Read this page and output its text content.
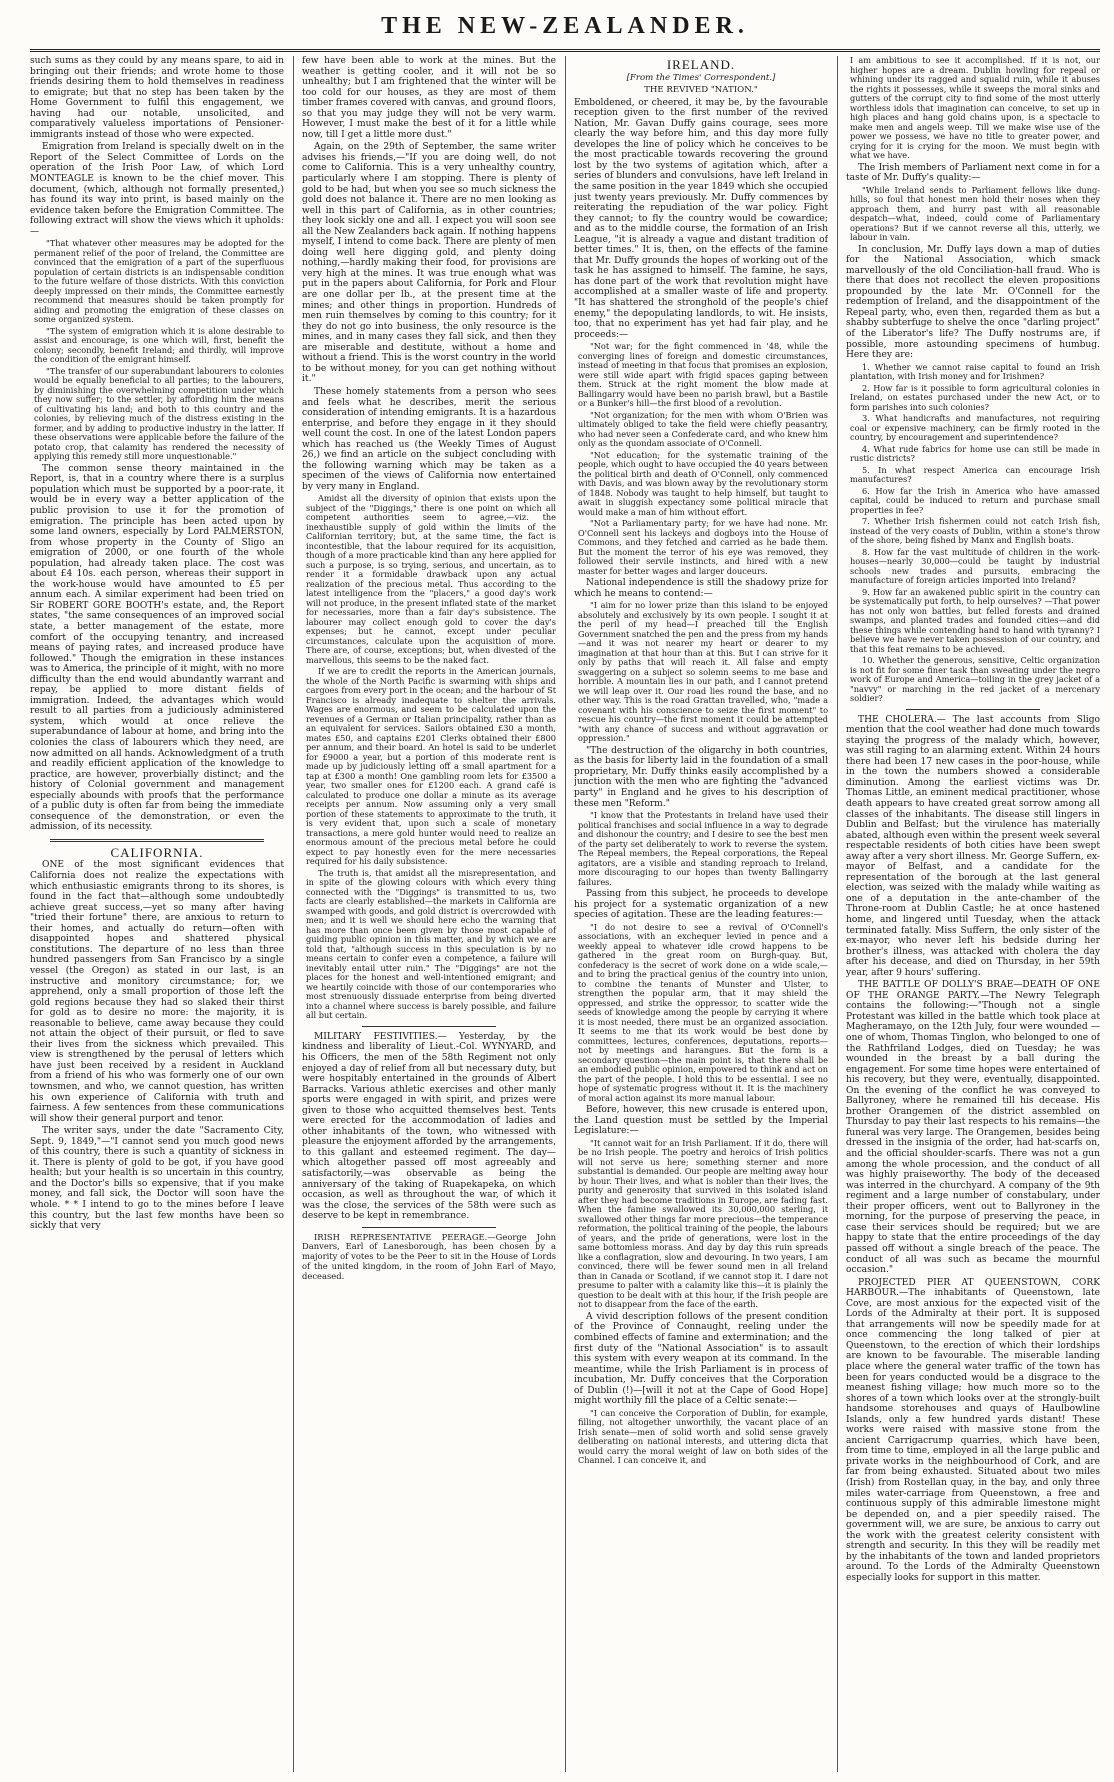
THE NEW-ZEALANDER.

such sums as they could by any means spare, to aid in bringing out their friends; and wrote home to those friends desiring them to hold themselves in readiness to emigrate; but that no step has been taken by the Home Government to fulfil this engagement, we having had our notable, unsolicited, and comparatively valueless importations of Pensioner-immigrants instead of those who were expected.

Emigration from Ireland is specially dwelt on in the Report of the Select Committee of Lords on the operation of the Irish Poor Law, of which Lord MONTEAGLE is known to be the chief mover. This document, (which, although not formally presented,) has found its way into print, is based mainly on the evidence taken before the Emigration Committee. The following extract will show the views which it upholds:—

"That whatever other measures may be adopted for the permanent relief of the poor of Ireland, the Committee are convinced that the emigration of a part of the superfluous population of certain districts is an indispensable condition to the future welfare of those districts. With this conviction deeply impressed on their minds, the Committee earnestly recommend that measures should be taken promptly for aiding and promoting the emigration of these classes on some organized system.

"The system of emigration which it is alone desirable to assist and encourage, is one which will, first, benefit the colony; secondly, benefit Ireland; and thirdly, will improve the condition of the emigrant himself.

"The transfer of our superabundant labourers to colonies would be equally beneficial to all parties; to the labourers, by diminishing the overwhelming competition under which they now suffer; to the settler, by affording him the means of cultivating his land; and both to this country and the colonies, by relieving much of the distress existing in the former, and by adding to productive industry in the latter. If these observations were applicable before the failure of the potato crop, that calamity has rendered the necessity of applying this remedy still more unquestionable."

The common sense theory maintained in the Report, is, that in a country where there is a surplus population which must be supported by a poor-rate, it would be in every way a better application of the public provision to use it for the promotion of emigration. The principle has been acted upon by some land owners, especially by Lord PALMERSTON, from whose property in the County of Sligo an emigration of 2000, or one fourth of the whole population, had already taken place. The cost was about £4 10s. each person, whereas their support in the work-house would have amounted to £5 per annum each. A similar experiment had been tried on Sir ROBERT GORE BOOTH's estate, and, the Report states, "the same consequences of an improved social state, a better management of the estate, more comfort of the occupying tenantry, and increased means of paying rates, and increased produce have followed." Though the emigration in these instances was to America, the principle of it might, with no more difficulty than the end would abundantly warrant and repay, be applied to more distant fields of immigration. Indeed, the advantages which would result to all parties from a judiciously administered system, which would at once relieve the superabundance of labour at home, and bring into the colonies the class of labourers which they need, are now admitted on all hands. Acknowledgment of a truth and readily efficient application of the knowledge to practice, are however, proverbially distinct; and the history of Colonial government and management especially abounds with proofs that the performance of a public duty is often far from being the immediate consequence of the demonstration, or even the admission, of its necessity.

CALIFORNIA.

ONE of the most significant evidences that California does not realize the expectations with which enthusiastic emigrants throng to its shores, is found in the fact that—although some undoubtedly achieve great success,—yet so many after having "tried their fortune" there, are anxious to return to their homes, and actually do return—often with disappointed hopes and shattered physical constitutions. The departure of no less than three hundred passengers from San Francisco by a single vessel (the Oregon) as stated in our last, is an instructive and monitory circumstance; for, we apprehend, only a small proportion of those left the gold regions because they had so slaked their thirst for gold as to desire no more: the majority, it is reasonable to believe, came away because they could not attain the object of their pursuit, or fled to save their lives from the sickness which prevailed. This view is strengthened by the perusal of letters which have just been received by a resident in Auckland from a friend of his who was formerly one of our own townsmen, and who, we cannot question, has written his own experience of California with truth and fairness. A few sentences from these communications will show their general purport and tenor.

The writer says, under the date "Sacramento City, Sept. 9, 1849,"—"I cannot send you much good news of this country, there is such a quantity of sickness in it. There is plenty of gold to be got, if you have good health; but your health is so uncertain in this country, and the Doctor's bills so expensive, that if you make money, and fall sick, the Doctor will soon have the whole. * * I intend to go to the mines before I leave this country, but the last few months have been so sickly that very

few have been able to work at the mines. But the weather is getting cooler, and it will not be so unhealthy; but I am frightened that the winter will be too cold for our houses, as they are most of them timber frames covered with canvas, and ground floors, so that you may judge they will not be very warm. However, I must make the best of it for a little while now, till I get a little more dust."

Again, on the 29th of September, the same writer advises his friends,—"If you are doing well, do not come to California. This is a very unhealthy country, particularly where I am stopping. There is plenty of gold to be had, but when you see so much sickness the gold does not balance it. There are no men looking as well in this part of California, as in other countries; they look sickly one and all. I expect you will soon see all the New Zealanders back again. If nothing happens myself, I intend to come back. There are plenty of men doing well here digging gold, and plenty doing nothing,—hardly making their food, for provisions are very high at the mines. It was true enough what was put in the papers about California, for Pork and Flour are one dollar per lb., at the present time at the mines; and other things in proportion. Hundreds of men ruin themselves by coming to this country; for it they do not go into business, the only resource is the mines, and in many cases they fall sick, and then they are miserable and destitute, without a home and without a friend. This is the worst country in the world to be without money, for you can get nothing without it."

These homely statements from a person who sees and feels what he describes, merit the serious consideration of intending emigrants. It is a hazardous enterprise, and before they engage in it they should well count the cost. In one of the latest London papers which has reached us (the Weekly Times of August 26,) we find an article on the subject concluding with the following warning which may be taken as a specimen of the views of California now entertained by very many in England.

Amidst all the diversity of opinion that exists upon the subject of the "Diggings," there is one point on which all competent authorities seem to agree,—viz. the inexhaustible supply of gold within the limits of the Californian territory; but, at the same time, the fact is incontestible, that the labour required for its acquisition, though of a more practicable kind than any here applied for such a purpose, is so trying, serious, and uncertain, as to render it a formidable drawback upon any actual realization of the precious metal. Thus according to the latest intelligence from the "placers," a good day's work will not produce, in the present inflated state of the market for necessaries, more than a fair day's subsistence. The labourer may collect enough gold to cover the day's expenses; but he cannot, except under peculiar circumstances, calculate upon the acquisition of more. There are, of course, exceptions; but, when divested of the marvellous, this seems to be the naked fact.

If we are to credit the reports in the American journals, the whole of the North Pacific is swarming with ships and cargoes from every port in the ocean; and the harbour of St Francisco is already inadequate to shelter the arrivals. Wages are enormous, and seem to be calculated upon the revenues of a German or Italian principality, rather than as an equivalent for services. Sailors obtained £30 a month, mates £50, and captains £201 Clerks obtained their £800 per annum, and their board. An hotel is said to be underlet for £9000 a year, but a portion of this moderate rent is made up by judiciously letting off a small apartment for a tap at £300 a month! One gambling room lets for £3500 a year, two smaller ones for £1200 each. A grand café is calculated to produce one dollar a minute as its average receipts per annum. Now assuming only a very small portion of these statements to approximate to the truth, it is very evident that, upon such a scale of monetary transactions, a mere gold hunter would need to realize an enormous amount of the precious metal before he could expect to pay honestly even for the mere necessaries required for his daily subsistence.

The truth is, that amidst all the misrepresentation, and in spite of the glowing colours with which every thing connected with the "Diggings" is transmitted to us, two facts are clearly established—the markets in California are swamped with goods, and gold district is overcrowded with men; and it is well we should here echo the warning that has more than once been given by those most capable of guiding public opinion in this matter, and by which we are told that, "although success in this speculation is by no means certain to confer even a competence, a failure will inevitably entail utter ruin." The "Diggings" are not the places for the honest and well-intentioned emigrant; and we heartily coincide with those of our contemporaries who most strenuously dissuade enterprise from being diverted into a channel where success is barely possible, and failure all but certain.

MILITARY FESTIVITIES.— Yesterday, by the kindness and liberality of Lieut.-Col. WYNYARD, and his Officers, the men of the 58th Regiment not only enjoyed a day of relief from all but necessary duty, but were hospitably entertained in the grounds of Albert Barracks. Various athletic exercises and other manly sports were engaged in with spirit, and prizes were given to those who acquitted themselves best. Tents were erected for the accommodation of ladies and other inhabitants of the town, who witnessed with pleasure the enjoyment afforded by the arrangements, to this gallant and esteemed regiment. The day—which altogether passed off most agreeably and satisfactorily,—was observable as being the anniversary of the taking of Ruapekapeka, on which occasion, as well as throughout the war, of which it was the close, the services of the 58th were such as deserve to be kept in remembrance.

IRISH REPRESENTATIVE PEERAGE.—George John Danvers, Earl of Lanesborough, has been chosen by a majority of votes to be the Peer to sit in the House of Lords of the united kingdom, in the room of John Earl of Mayo, deceased.

IRELAND.
[From the Times' Correspondent.]
THE REVIVED "NATION."

Emboldened, or cheered, it may be, by the favourable reception given to the first number of the revived Nation, Mr. Gavan Duffy gains courage, sees more clearly the way before him, and this day more fully developes the line of policy which he conceives to be the most practicable towards recovering the ground lost by the two systems of agitation which, after a series of blunders and convulsions, have left Ireland in the same position in the year 1849 which she occupied just twenty years previously. Mr. Duffy commences by reiterating the repudiation of the war policy. Fight they cannot; to fly the country would be cowardice; and as to the middle course, the formation of an Irish League, "it is already a vague and distant tradition of better times." It is, then, on the effects of the famine that Mr. Duffy grounds the hopes of working out of the task he has assigned to himself. The famine, he says, has done part of the work that revolution might have accomplished at a smaller waste of life and property. "It has shattered the stronghold of the people's chief enemy," the depopulating landlords, to wit. He insists, too, that no experiment has yet had fair play, and he proceeds:—

"Not war; for the fight commenced in '48, while the converging lines of foreign and domestic circumstances, instead of meeting in that focus that promises an explosion, were still wide apart with frigid spaces gaping between them. Struck at the right moment the blow made at Ballingarry would have been no parish brawl, but a Bastile or a Bunker's hill—the first blood of a revolution.

"Not organization; for the men with whom O'Brien was ultimately obliged to take the field were chiefly peasantry, who had never seen a Confederate card, and who knew him only as the quondam associate of O'Connell.

"Not education; for the systematic training of the people, which ought to have occupied the 40 years between the political birth and death of O'Connell, only commenced with Davis, and was blown away by the revolutionary storm of 1848. Nobody was taught to help himself, but taught to await in sluggish expectancy some political miracle that would make a man of him without effort.

"Not a Parliamentary party; for we have had none. Mr. O'Connell sent his lackeys and dogboys into the House of Commons, and they fetched and carried as he bade them. But the moment the terror of his eye was removed, they followed their servile instincts, and hired with a new master for better wages and larger douceurs.

National independence is still the shadowy prize for which he means to contend:—

"I aim for no lower prize than this island to be enjoyed absolutely and exclusively by its own people. I sought it at the peril of my head—I preached till the English Government snatched the pen and the press from my hands—and it was not nearer my heart or dearer to my imagination at that hour than at this. But I can strive for it only by paths that will reach it. All false and empty swaggering on a subject so solemn seems to me base and horrible. A mountain lies in our path, and I cannot pretend we will leap over it. Our road lies round the base, and no other way. This is the road Grattan travelled, who, "made a covenant with his conscience to seize the first moment" to rescue his country—the first moment it could be attempted "with any chance of success and without aggravation or oppression."

"The destruction of the oligarchy in both countries, as the basis for liberty laid in the foundation of a small proprietary, Mr. Duffy thinks easily accomplished by a junction with the men who are fighting the "advanced party" in England and he gives to his description of these men "Reform."

"I know that the Protestants in Ireland have used their political franchises and social influence in a way to degrade and dishonour the country; and I desire to see the best men of the party set deliberately to work to reverse the system. The Repeal members, the Repeal corporations, the Repeal agitators, are a visible and standing reproach to Ireland, more discouraging to our hopes than twenty Ballingarry failures.

Passing from this subject, he proceeds to develope his project for a systematic organization of a new species of agitation. These are the leading features:—

"I do not desire to see a revival of O'Connell's associations, with an exchequer levied in pence and a weekly appeal to whatever idle crowd happens to be gathered in the great room on Burgh-quay. But, confederacy is the secret of work done on a wide scale,—and to bring the practical genius of the country into union, to combine the tenants of Munster and Ulster, to strengthen the popular arm, that it may shield the oppressed, and strike the oppressor, to scatter wide the seeds of knowledge among the people by carrying it where it is most needed, there must be an organized association. It seems to me that its work would be best done by committees, lectures, conferences, deputations, reports—not by meetings and harangues. But the form is a secondary question—the main point is, that there shall be an embodied public opinion, empowered to think and act on the part of the people. I hold this to be essential. I see no hope of systematic progress without it. It is the machinery of moral action against its more manual labour.

Before, however, this new crusade is entered upon, the Land question must be settled by the Imperial Legislature:—

"It cannot wait for an Irish Parliament. If it do, there will be no Irish people. The poetry and heroics of Irish politics will not serve us here; something sterner and more substantial is demanded. Our people are melting away hour by hour. Their lives, and what is nobler than their lives, the purity and generosity that survived in this isolated island after they had become traditions in Europe, are fading fast. When the famine swallowed its 30,000,000 sterling, it swallowed other things far more precious—the temperance reformation, the political training of the people, the labours of years, and the pride of generations, were lost in the same bottomless morass. And day by day this ruin spreads like a conflagration, slow and devouring. In two years, I am convinced, there will be fewer sound men in all Ireland than in Canada or Scotland, if we cannot stop it. I dare not presume to palter with a calamity like this—it is plainly the question to be dealt with at this hour, if the Irish people are not to disappear from the face of the earth.

A vivid description follows of the present condition of the Province of Connaught, reeling under the combined effects of famine and extermination; and the first duty of the "National Association" is to assault this system with every weapon at its command. In the meantime, while the Irish Parliament is in process of incubation, Mr. Duffy conceives that the Corporation of Dublin (!)—[will it not at the Cape of Good Hope] might worthily fill the place of a Celtic senate:—

"I can conceive the Corporation of Dublin, for example, filling, not altogether unworthily, the vacant place of an Irish senate—men of solid worth and solid sense gravely deliberating on national interests, and uttering dicta that would carry the moral weight of law on both sides of the Channel. I can conceive it, and

I am ambitious to see it accomplished. If it is not, our higher hopes are a dream. Dublin howling for repeal or whining under its ragged and squalid ruin, while it abuses the rights it possesses, while it sweeps the moral sinks and gutters of the corrupt city to find some of the most utterly worthless idols that imagination can conceive, to set up in high places and hang gold chains upon, is a spectacle to make men and angels weep. Till we make wise use of the power we possess, we have no title to greater power, and crying for it is crying for the moon. We must begin with what we have.

The Irish members of Parliament next come in for a taste of Mr. Duffy's quality:—

"While Ireland sends to Parliament fellows like dung-hills, so foul that honest men hold their noses when they approach them, and hurry past with all reasonable despatch—what, indeed, could come of Parliamentary operations? But if we cannot reverse all this, utterly, we labour in vain.

In conclusion, Mr. Duffy lays down a map of duties for the National Association, which smack marvellously of the old Conciliation-hall fraud. Who is there that does not recollect the eleven propositions propounded by the late Mr. O'Connell for the redemption of Ireland, and the disappointment of the Repeal party, who, even then, regarded them as but a shabby subterfuge to shelve the once "darling project" of the Liberator's life? The Duffy nostrums are, if possible, more astounding specimens of humbug. Here they are:

1. Whether we cannot raise capital to found an Irish plantation, with Irish money and for Irishmen?

2. How far is it possible to form agricultural colonies in Ireland, on estates purchased under the new Act, or to form parishes into such colonies?

3. What handicrafts and manufactures, not requiring coal or expensive machinery, can be firmly rooted in the country, by encouragement and superintendence?

4. What rude fabrics for home use can still be made in rustic districts?

5. In what respect America can encourage Irish manufactures?

6. How far the Irish in America who have amassed capital, could be induced to return and purchase small properties in fee?

7. Whether Irish fishermen could not catch Irish fish, instead of the very coasts of Dublin, within a stone's throw of the shore, being fished by Manx and English boats.

8. How far the vast multitude of children in the work-houses—nearly 30,000—could be taught by industrial schools new trades and pursuits, embracing the manufacture of foreign articles imported into Ireland?

9. How far an awakened public spirit in the country can be systematically put forth, to help ourselves? —That power has not only won battles, but felled forests and drained swamps, and planted trades and founded cities—and did these things while contending hand to hand with tyranny? I believe we have never taken possession of our country, and that this feat remains to be achieved.

10. Whether the generous, sensitive, Celtic organization is not fit for some finer task than sweating under the negro work of Europe and America—toiling in the grey jacket of a "navvy" or marching in the red jacket of a mercenary soldier?

THE CHOLERA.— The last accounts from Sligo mention that the cool weather had done much towards staying the progress of the malady which, however, was still raging to an alarming extent. Within 24 hours there had been 17 new cases in the poor-house, while in the town the numbers showed a considerable diminution. Among the earliest victims was Dr. Thomas Little, an eminent medical practitioner, whose death appears to have created great sorrow among all classes of the inhabitants. The disease still lingers in Dublin and Belfast; but the virulence has materially abated, although even within the present week several respectable residents of both cities have been swept away after a very short illness. Mr. George Suffern, ex-mayor of Belfast, and a candidate for the representation of the borough at the last general election, was seized with the malady while waiting as one of a deputation in the ante-chamber of the Throne-room at Dublin Castle; he at once hastened home, and lingered until Tuesday, when the attack terminated fatally. Miss Suffern, the only sister of the ex-mayor, who never left his bedside during her brother's illness, was attacked with cholera the day after his decease, and died on Thursday, in her 59th year, after 9 hours' suffering.

THE BATTLE OF DOLLY'S BRAE—DEATH OF ONE OF THE ORANGE PARTY.—The Newry Telegraph contains the following:—"Though not a single Protestant was killed in the battle which took place at Magheramayo, on the 12th July, four were wounded —one of whom, Thomas Tinglon, who belonged to one of the Rathfriland Lodges, died on Tuesday; he was wounded in the breast by a ball during the engagement. For some time hopes were entertained of his recovery, but they were, eventually, disappointed. On the evening of the conflict he was conveyed to Ballyroney, where he remained till his decease. His brother Orangemen of the district assembled on Thursday to pay their last respects to his remains—the funeral was very large. The Orangemen, besides being dressed in the insignia of the order, had hat-scarfs on, and the official shoulder-scarfs. There was not a gun among the whole procession, and the conduct of all was highly praiseworthy. The body of the deceased was interred in the churchyard. A company of the 9th regiment and a large number of constabulary, under their proper officers, went out to Ballyroney in the morning, for the purpose of preserving the peace, in case their services should be required; but we are happy to state that the entire proceedings of the day passed off without a single breach of the peace. The conduct of all was such as became the mournful occasion."

PROJECTED PIER AT QUEENSTOWN, CORK HARBOUR.—The inhabitants of Queenstown, late Cove, are most anxious for the expected visit of the Lords of the Admiralty at their port. It is supposed that arrangements will now be speedily made for at once commencing the long talked of pier at Queenstown, to the erection of which their lordships are known to be favourable. The miserable landing place where the general water traffic of the town has been for years conducted would be a disgrace to the meanest fishing village; how much more so to the shores of a town which looks over at the strongly-built handsome storehouses and quays of Haulbowline Islands, only a few hundred yards distant! These works were raised with massive stone from the ancient Carrigacrump quarries, which have been, from time to time, employed in all the large public and private works in the neighbourhood of Cork, and are far from being exhausted. Situated about two miles (Irish) from Rostellan quay, in the bay, and only three miles water-carriage from Queenstown, a free and continuous supply of this admirable limestone might be depended on, and a pier speedily raised. The government will, we are sure, be anxious to carry out the work with the greatest celerity consistent with strength and security. In this they will be readily met by the inhabitants of the town and landed proprietors around. To the Lords of the Admiralty Queenstown especially looks for support in this matter.
